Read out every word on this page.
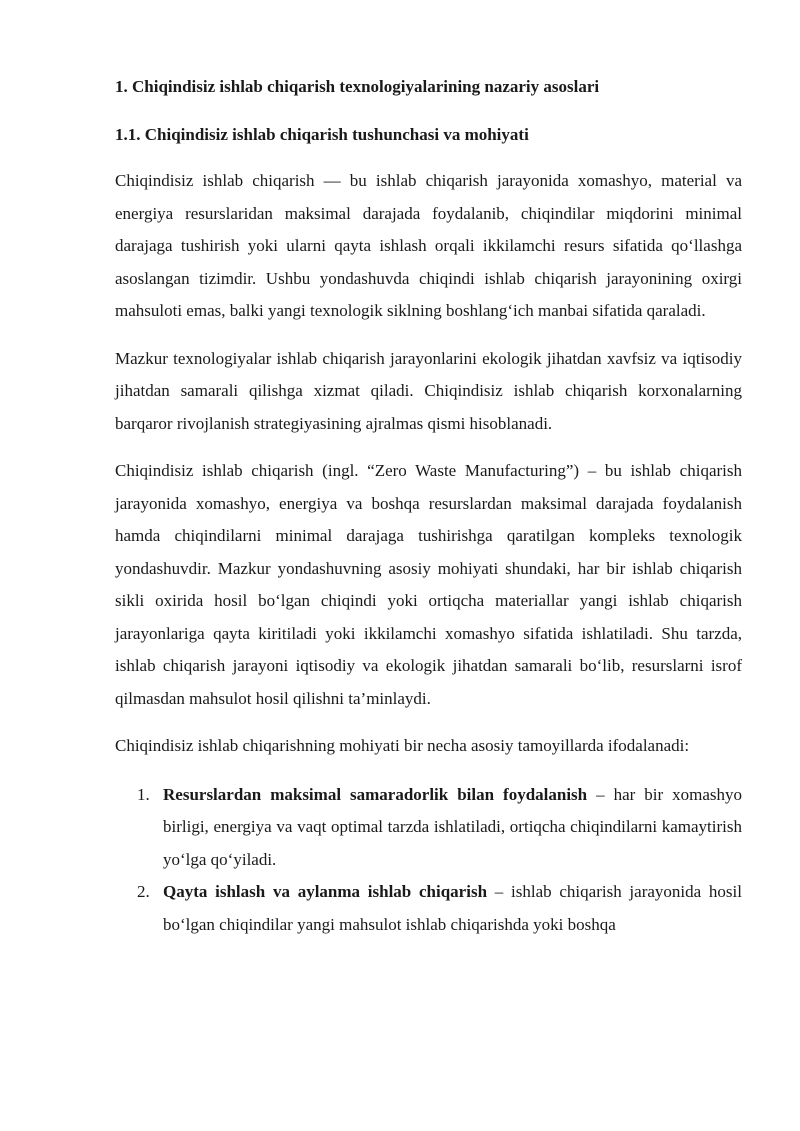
1. Chiqindisiz ishlab chiqarish texnologiyalarining nazariy asoslari
1.1. Chiqindisiz ishlab chiqarish tushunchasi va mohiyati

Chiqindisiz ishlab chiqarish — bu ishlab chiqarish jarayonida xomashyo, material va energiya resurslaridan maksimal darajada foydalanib, chiqindilar miqdorini minimal darajaga tushirish yoki ularni qayta ishlash orqali ikkilamchi resurs sifatida qo‘llashga asoslangan tizimdir. Ushbu yondashuvda chiqindi ishlab chiqarish jarayonining oxirgi mahsuloti emas, balki yangi texnologik siklning boshlang‘ich manbai sifatida qaraladi.

Mazkur texnologiyalar ishlab chiqarish jarayonlarini ekologik jihatdan xavfsiz va iqtisodiy jihatdan samarali qilishga xizmat qiladi. Chiqindisiz ishlab chiqarish korxonalarning barqaror rivojlanish strategiyasining ajralmas qismi hisoblanadi.

Chiqindisiz ishlab chiqarish (ingl. “Zero Waste Manufacturing”) – bu ishlab chiqarish jarayonida xomashyo, energiya va boshqa resurslardan maksimal darajada foydalanish hamda chiqindilarni minimal darajaga tushirishga qaratilgan kompleks texnologik yondashuvdir. Mazkur yondashuvning asosiy mohiyati shundaki, har bir ishlab chiqarish sikli oxirida hosil bo‘lgan chiqindi yoki ortiqcha materiallar yangi ishlab chiqarish jarayonlariga qayta kiritiladi yoki ikkilamchi xomashyo sifatida ishlatiladi. Shu tarzda, ishlab chiqarish jarayoni iqtisodiy va ekologik jihatdan samarali bo‘lib, resurslarni isrof qilmasdan mahsulot hosil qilishni ta’minlaydi.

Chiqindisiz ishlab chiqarishning mohiyati bir necha asosiy tamoyillarda ifodalanadi:

1. Resurslardan maksimal samaradorlik bilan foydalanish – har bir xomashyo birligi, energiya va vaqt optimal tarzda ishlatiladi, ortiqcha chiqindilarni kamaytirish yo‘lga qo‘yiladi.
2. Qayta ishlash va aylanma ishlab chiqarish – ishlab chiqarish jarayonida hosil bo‘lgan chiqindilar yangi mahsulot ishlab chiqarishda yoki boshqa
